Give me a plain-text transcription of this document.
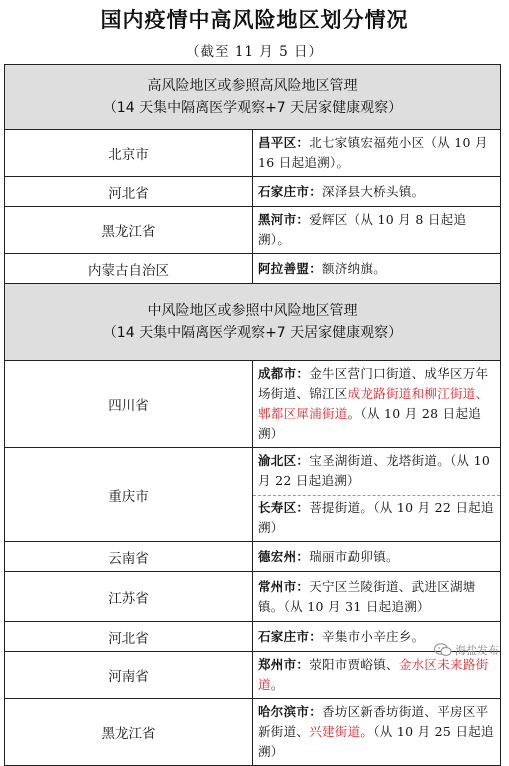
国内疫情中高风险地区划分情况
（截至 11 月 5 日）
高风险地区或参照高风险地区管理
（14 天集中隔离医学观察+7 天居家健康观察）	

北京市	昌平区：北七家镇宏福苑小区（从 10 月 16 日起追溯）。
河北省	石家庄市：深泽县大桥头镇。
黑龙江省	黑河市：爱辉区（从 10 月 8 日起追溯）。
内蒙古自治区	阿拉善盟：额济纳旗。

中风险地区或参照中风险地区管理
（14 天集中隔离医学观察+7 天居家健康观察）	

四川省	成都市：金牛区营门口街道、成华区万年场街道、锦江区成龙路街道和柳江街道、郫都区犀浦街道。（从 10 月 28 日起追溯）
重庆市	渝北区：宝圣湖街道、龙塔街道。（从 10 月 22 日起追溯）
长寿区：菩提街道。（从 10 月 22 日起追溯）

云南省	德宏州：瑞丽市勐卯镇。
江苏省	常州市：天宁区兰陵街道、武进区湖塘镇。（从 10 月 31 日起追溯）
河北省	石家庄市：辛集市小辛庄乡。
河南省	郑州市：荥阳市贾峪镇、金水区未来路街道。
黑龙江省	哈尔滨市：香坊区新香坊街道、平房区平新街道、兴建街道。（从 10 月 25 日起追溯）
海盐发布
